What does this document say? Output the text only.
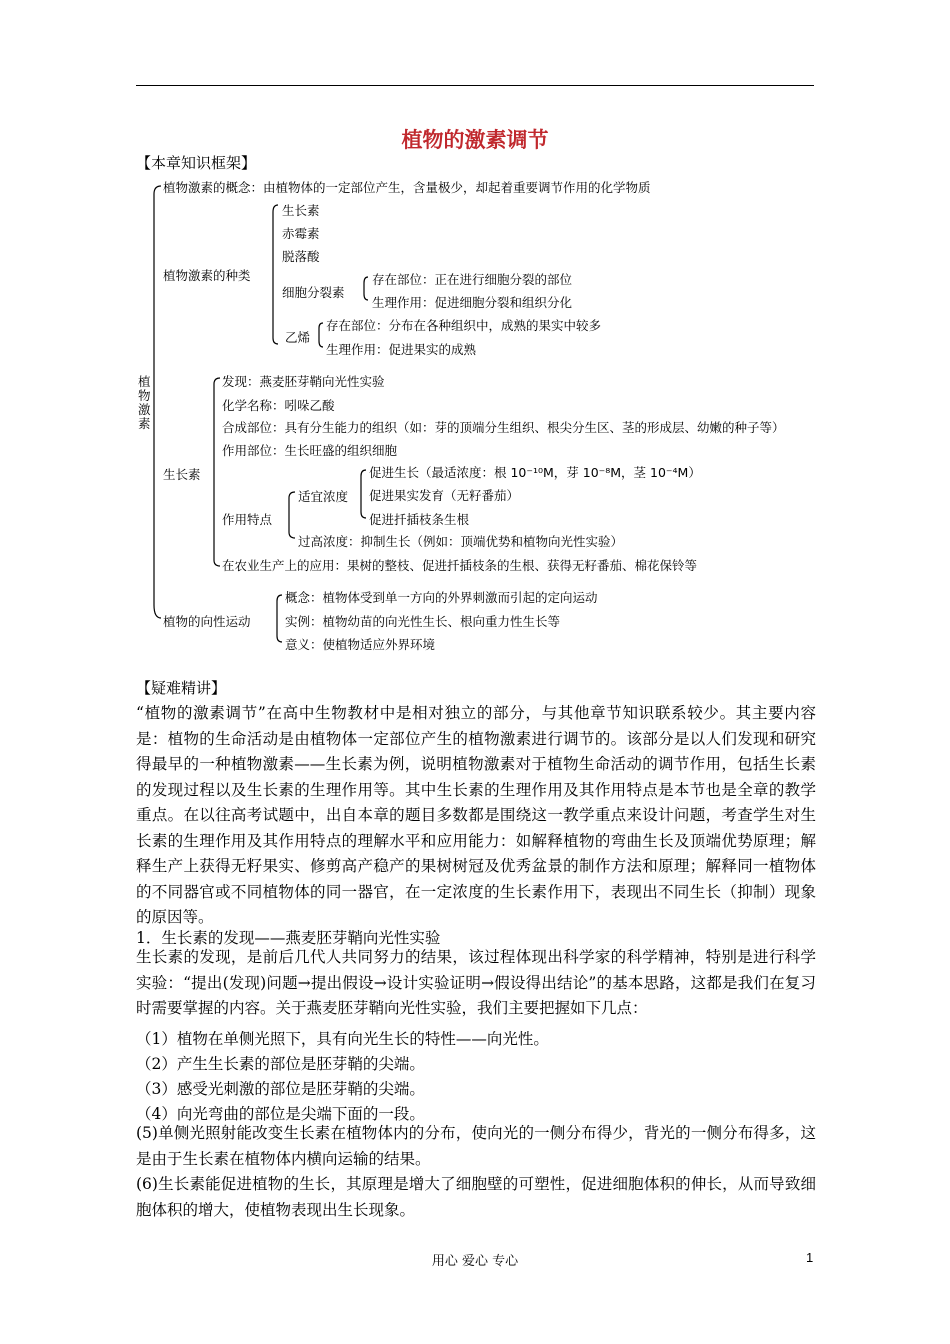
植物的激素调节
【本章知识框架】
植物激素
植物激素的概念：由植物体的一定部位产生，含量极少，却起着重要调节作用的化学物质
植物激素的种类
生长素
赤霉素
脱落酸
细胞分裂素
存在部位：正在进行细胞分裂的部位
生理作用：促进细胞分裂和组织分化
乙烯
存在部位：分布在各种组织中，成熟的果实中较多
生理作用：促进果实的成熟
生长素
发现：燕麦胚芽鞘向光性实验
化学名称：吲哚乙酸
合成部位：具有分生能力的组织（如：芽的顶端分生组织、根尖分生区、茎的形成层、幼嫩的种子等）
作用部位：生长旺盛的组织细胞
作用特点
适宜浓度
促进生长（最适浓度：根 10⁻¹⁰M，芽 10⁻⁸M，茎 10⁻⁴M）
促进果实发育（无籽番茄）
促进扦插枝条生根
过高浓度：抑制生长（例如：顶端优势和植物向光性实验）
在农业生产上的应用：果树的整枝、促进扦插枝条的生根、获得无籽番茄、棉花保铃等
植物的向性运动
概念：植物体受到单一方向的外界刺激而引起的定向运动
实例：植物幼苗的向光性生长、根向重力性生长等
意义：使植物适应外界环境
【疑难精讲】
“植物的激素调节”在高中生物教材中是相对独立的部分，与其他章节知识联系较少。其主要内容是：植物的生命活动是由植物体一定部位产生的植物激素进行调节的。该部分是以人们发现和研究得最早的一种植物激素——生长素为例，说明植物激素对于植物生命活动的调节作用，包括生长素的发现过程以及生长素的生理作用等。其中生长素的生理作用及其作用特点是本节也是全章的教学重点。在以往高考试题中，出自本章的题目多数都是围绕这一教学重点来设计问题，考查学生对生长素的生理作用及其作用特点的理解水平和应用能力：如解释植物的弯曲生长及顶端优势原理；解释生产上获得无籽果实、修剪高产稳产的果树树冠及优秀盆景的制作方法和原理；解释同一植物体的不同器官或不同植物体的同一器官，在一定浓度的生长素作用下，表现出不同生长（抑制）现象的原因等。
1．生长素的发现——燕麦胚芽鞘向光性实验
生长素的发现，是前后几代人共同努力的结果，该过程体现出科学家的科学精神，特别是进行科学实验：“提出(发现)问题→提出假设→设计实验证明→假设得出结论”的基本思路，这都是我们在复习时需要掌握的内容。关于燕麦胚芽鞘向光性实验，我们主要把握如下几点：
（1）植物在单侧光照下，具有向光生长的特性——向光性。
（2）产生生长素的部位是胚芽鞘的尖端。
（3）感受光刺激的部位是胚芽鞘的尖端。
（4）向光弯曲的部位是尖端下面的一段。
(5)单侧光照射能改变生长素在植物体内的分布，使向光的一侧分布得少，背光的一侧分布得多，这是由于生长素在植物体内横向运输的结果。
(6)生长素能促进植物的生长，其原理是增大了细胞壁的可塑性，促进细胞体积的伸长，从而导致细胞体积的增大，使植物表现出生长现象。
用心 爱心 专心	1
